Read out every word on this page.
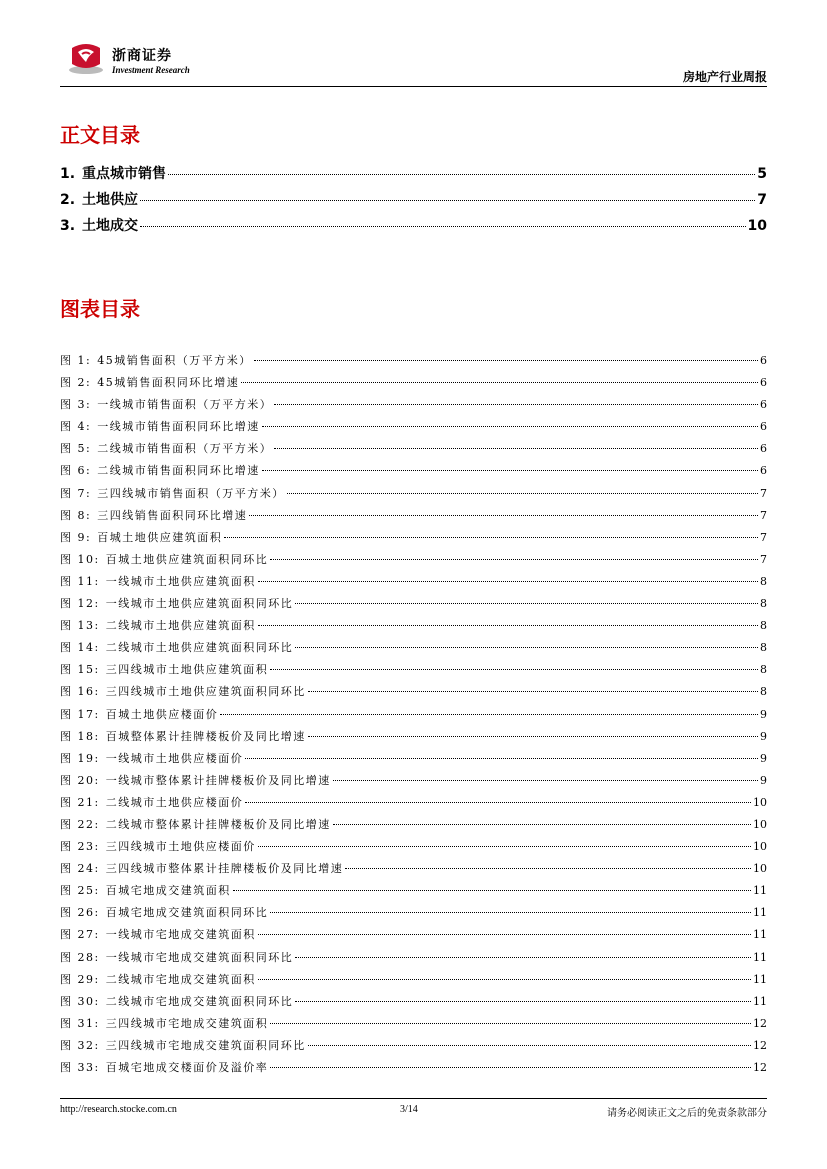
浙商证券
Investment Research	房地产行业周报
正文目录
1. 重点城市销售	5
2. 土地供应	7
3. 土地成交	10
图表目录
图 1: 45城销售面积（万平方米）	6
图 2: 45城销售面积同环比增速	6
图 3: 一线城市销售面积（万平方米）	6
图 4: 一线城市销售面积同环比增速	6
图 5: 二线城市销售面积（万平方米）	6
图 6: 二线城市销售面积同环比增速	6
图 7: 三四线城市销售面积（万平方米）	7
图 8: 三四线销售面积同环比增速	7
图 9: 百城土地供应建筑面积	7
图 10: 百城土地供应建筑面积同环比	7
图 11: 一线城市土地供应建筑面积	8
图 12: 一线城市土地供应建筑面积同环比	8
图 13: 二线城市土地供应建筑面积	8
图 14: 二线城市土地供应建筑面积同环比	8
图 15: 三四线城市土地供应建筑面积	8
图 16: 三四线城市土地供应建筑面积同环比	8
图 17: 百城土地供应楼面价	9
图 18: 百城整体累计挂牌楼板价及同比增速	9
图 19: 一线城市土地供应楼面价	9
图 20: 一线城市整体累计挂牌楼板价及同比增速	9
图 21: 二线城市土地供应楼面价	10
图 22: 二线城市整体累计挂牌楼板价及同比增速	10
图 23: 三四线城市土地供应楼面价	10
图 24: 三四线城市整体累计挂牌楼板价及同比增速	10
图 25: 百城宅地成交建筑面积	11
图 26: 百城宅地成交建筑面积同环比	11
图 27: 一线城市宅地成交建筑面积	11
图 28: 一线城市宅地成交建筑面积同环比	11
图 29: 二线城市宅地成交建筑面积	11
图 30: 二线城市宅地成交建筑面积同环比	11
图 31: 三四线城市宅地成交建筑面积	12
图 32: 三四线城市宅地成交建筑面积同环比	12
图 33: 百城宅地成交楼面价及溢价率	12
http://research.stocke.com.cn	3/14	请务必阅读正文之后的免责条款部分
